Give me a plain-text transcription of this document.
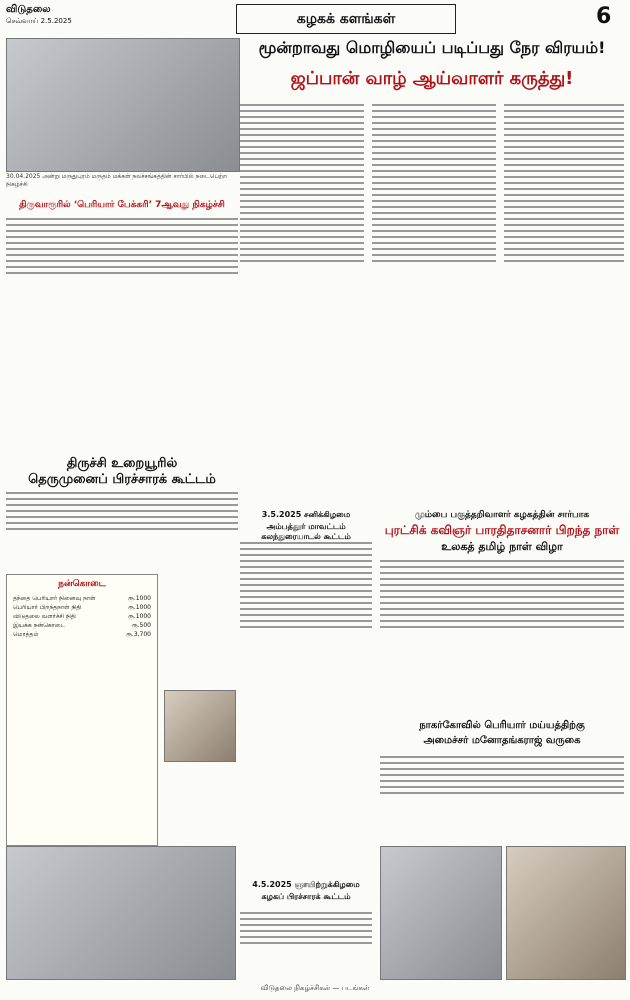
விடுதலை
செவ்வாய் 2.5.2025	கழகக் களங்கள்	6
30.04.2025 அன்று மருதுபுரம் மருதம் மக்கள் நலச்சங்கத்தின் சார்பில் நடைபெற்ற நிகழ்ச்சி
திருவாரூரில் ‘பெரியார் பேக்கரி’ 7ஆவது நிகழ்ச்சி
திருச்சி உறையூரில்
தெருமுனைப் பிரச்சாரக் கூட்டம்
நன்கொடை
தந்தை பெரியார் நினைவு நாள்	ரூ.1000
பெரியார் பிறந்தநாள் நிதி	ரூ.1000
விடுதலை வளர்ச்சி நிதி	ரூ.1000
இயக்க நன்கொடை	ரூ.500
மொத்தம்	ரூ.3,700
மூன்றாவது மொழியைப் படிப்பது நேர விரயம்!
ஜப்பான் வாழ் ஆய்வாளர் கருத்து!
3.5.2025 சனிக்கிழமை
அம்பத்தூர் மாவட்டம் கலந்துரையாடல் கூட்டம்
4.5.2025 ஞாயிற்றுக்கிழமை
கழகப் பிரச்சாரக் கூட்டம்
மும்பை பகுத்தறிவாளர் கழகத்தின் சார்பாக
புரட்சிக் கவிஞர் பாரதிதாசனார் பிறந்த நாள்
உலகத் தமிழ் நாள் விழா
நாகர்கோவில் பெரியார் மய்யத்திற்கு
அமைச்சர் மனோதங்கராஜ் வருகை
விடுதலை நிகழ்ச்சிகள் — படங்கள்
